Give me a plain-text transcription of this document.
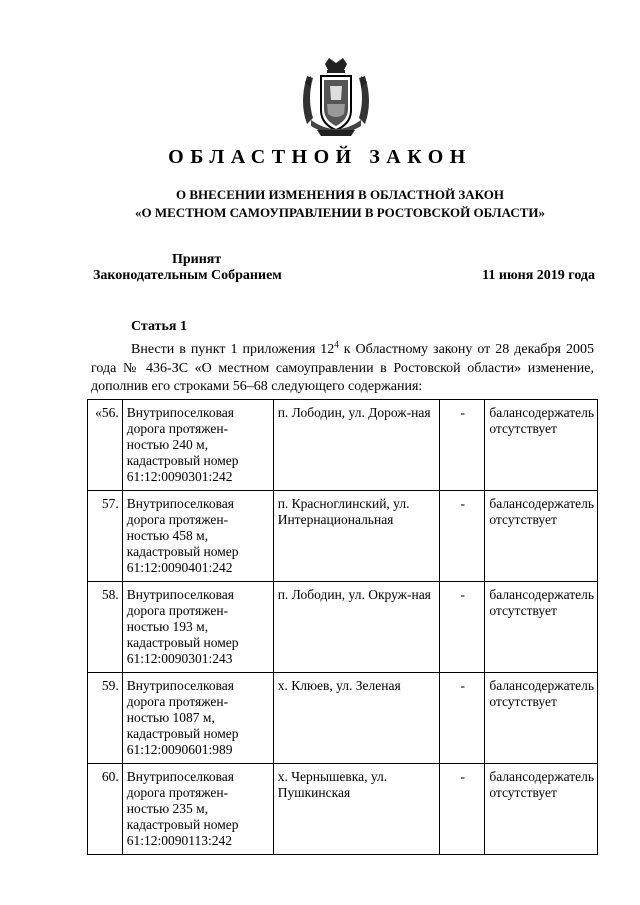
ОБЛАСТНОЙ ЗАКОН
О ВНЕСЕНИИ ИЗМЕНЕНИЯ В ОБЛАСТНОЙ ЗАКОН
«О МЕСТНОМ САМОУПРАВЛЕНИИ В РОСТОВСКОЙ ОБЛАСТИ»
Принят
Законодательным Собранием	11 июня 2019 года
Статья 1
Внести в пункт 1 приложения $12^4$ к Областному закону от 28 декабря 2005 года № 436-ЗС «О местном самоуправлении в Ростовской области» изменение, дополнив его строками 56–68 следующего содержания:
«56.	Внутрипоселковая дорога протяжен-ностью 240 м, кадастровый номер 61:12:0090301:242	п. Лободин, ул. Дорож-ная	-	балансодержатель отсутствует
57.	Внутрипоселковая дорога протяжен-ностью 458 м, кадастровый номер 61:12:0090401:242	п. Красноглинский, ул. Интернациональная	-	балансодержатель отсутствует
58.	Внутрипоселковая дорога протяжен-ностью 193 м, кадастровый номер 61:12:0090301:243	п. Лободин, ул. Окруж-ная	-	балансодержатель отсутствует
59.	Внутрипоселковая дорога протяжен-ностью 1087 м, кадастровый номер 61:12:0090601:989	х. Клюев, ул. Зеленая	-	балансодержатель отсутствует
60.	Внутрипоселковая дорога протяжен-ностью 235 м, кадастровый номер 61:12:0090113:242	х. Чернышевка, ул. Пушкинская	-	балансодержатель отсутствует
